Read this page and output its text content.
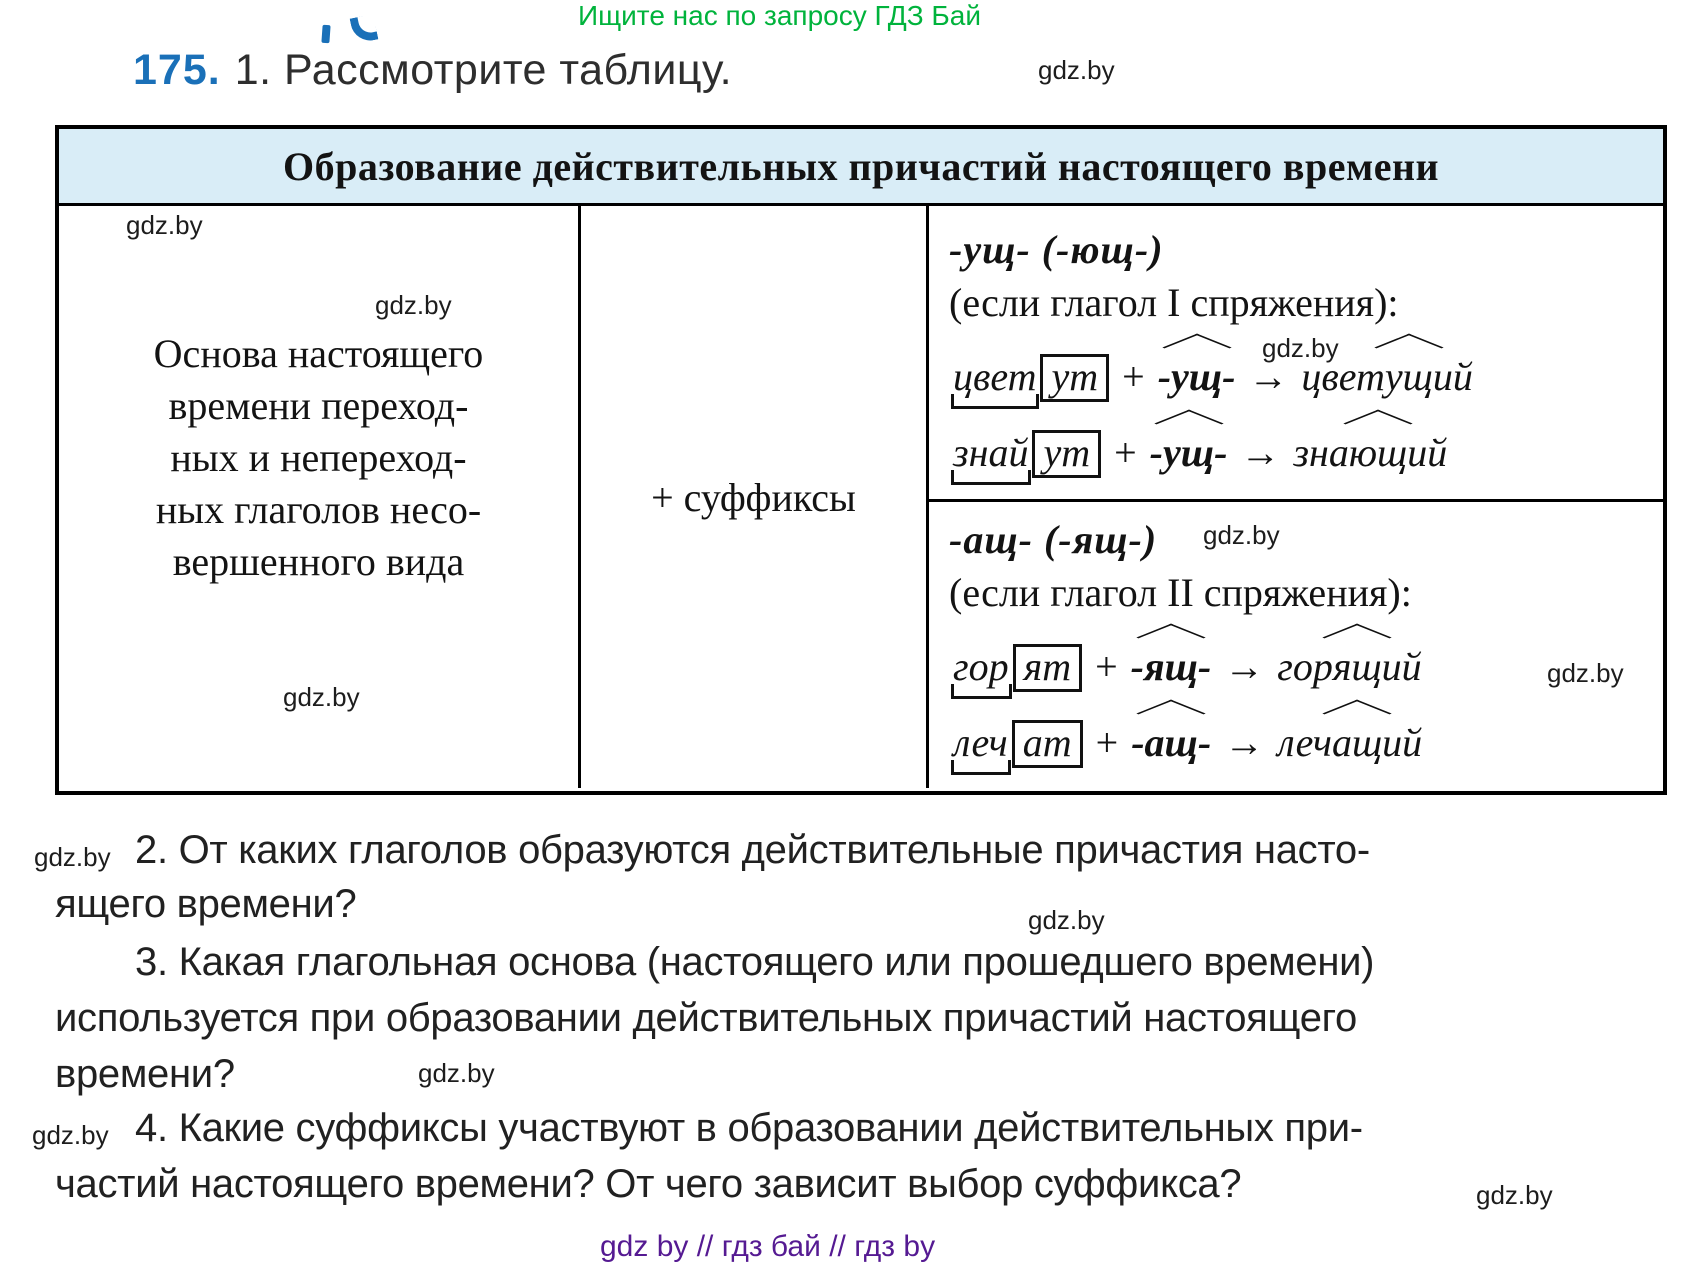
Ищите нас по запросу ГДЗ Бай
175. 1. Рассмотрите таблицу.	gdz.by
gdz.by
gdz.by
gdz.by
gdz.by
gdz.by
gdz.by
gdz.by
gdz.by
gdz.by
gdz.by
gdz.by
Образование действительных причастий настоящего времени
Основа настоящего
времени переход-
ных и непереход-
ных глаголов несо-
вершенного вида
+ суффиксы
-ущ- (-ющ-)
(если глагол I спряжения):
цвет ут + -ущ- → цветущий
знай ут + -ущ- → знающий
-ащ- (-ящ-)
(если глагол II спряжения):
гор ят + -ящ- → горящий
леч ат + -ащ- → лечащий
2. От каких глаголов образуются действительные причастия насто-
ящего времени?
3. Какая глагольная основа (настоящего или прошедшего времени)
используется при образовании действительных причастий настоящего
времени?
4. Какие суффиксы участвуют в образовании действительных при-
частий настоящего времени? От чего зависит выбор суффикса?
gdz by // гдз бай // гдз by
